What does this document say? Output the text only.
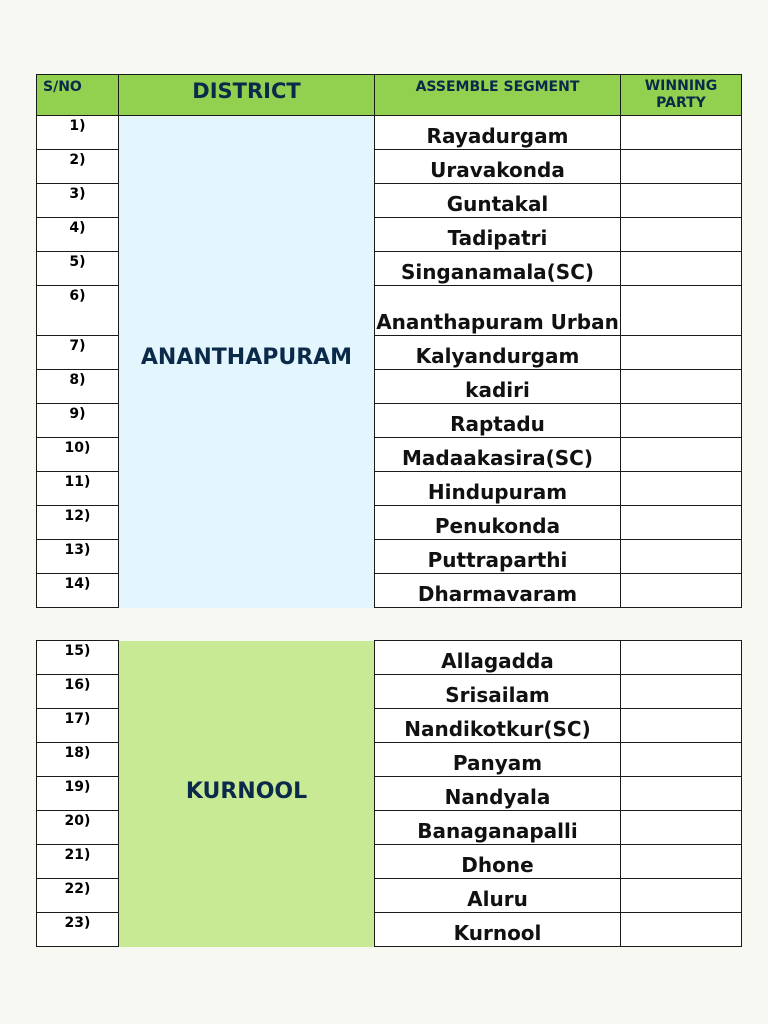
S/NO	DISTRICT	ASSEMBLE SEGMENT	WINNING PARTY
1)	ANANTHAPURAM	Rayadurgam	
2)		Uravakonda	
3)		Guntakal	
4)		Tadipatri	
5)		Singanamala(SC)	
6)		Ananthapuram Urban	
7)		Kalyandurgam	
8)		kadiri	
9)		Raptadu	
10)		Madaakasira(SC)	
11)		Hindupuram	
12)		Penukonda	
13)		Puttraparthi	
14)		Dharmavaram	
15)	KURNOOL	Allagadda	
16)		Srisailam	
17)		Nandikotkur(SC)	
18)		Panyam	
19)		Nandyala	
20)		Banaganapalli	
21)		Dhone	
22)		Aluru	
23)		Kurnool	
